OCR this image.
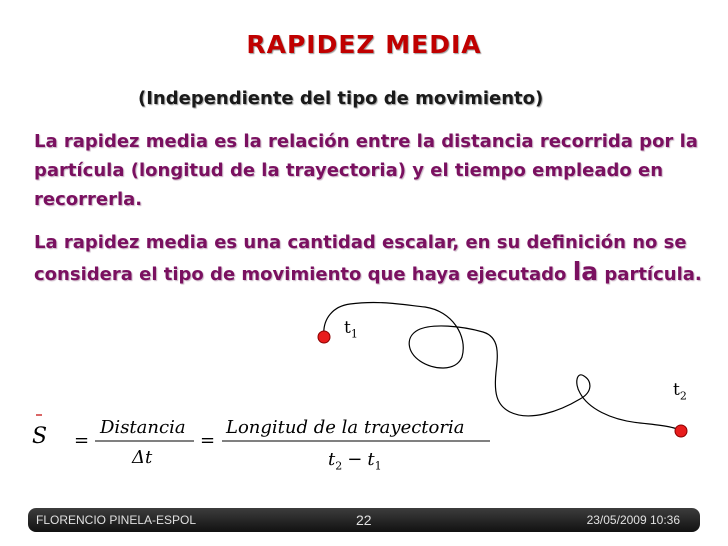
RAPIDEZ MEDIA
(Independiente del tipo de movimiento)
La rapidez media es la relación entre la distancia recorrida por la partícula (longitud de la trayectoria) y el tiempo empleado en recorrerla.
La rapidez media es una cantidad escalar, en su definición no se considera el tipo de movimiento que haya ejecutado la partícula.
$t_1$
$t_2$
S =
Distancia
Δt
=
Longitud de la trayectoria
$t_2 - t_1$
FLORENCIO PINELA-ESPOL	22	23/05/2009 10:36
